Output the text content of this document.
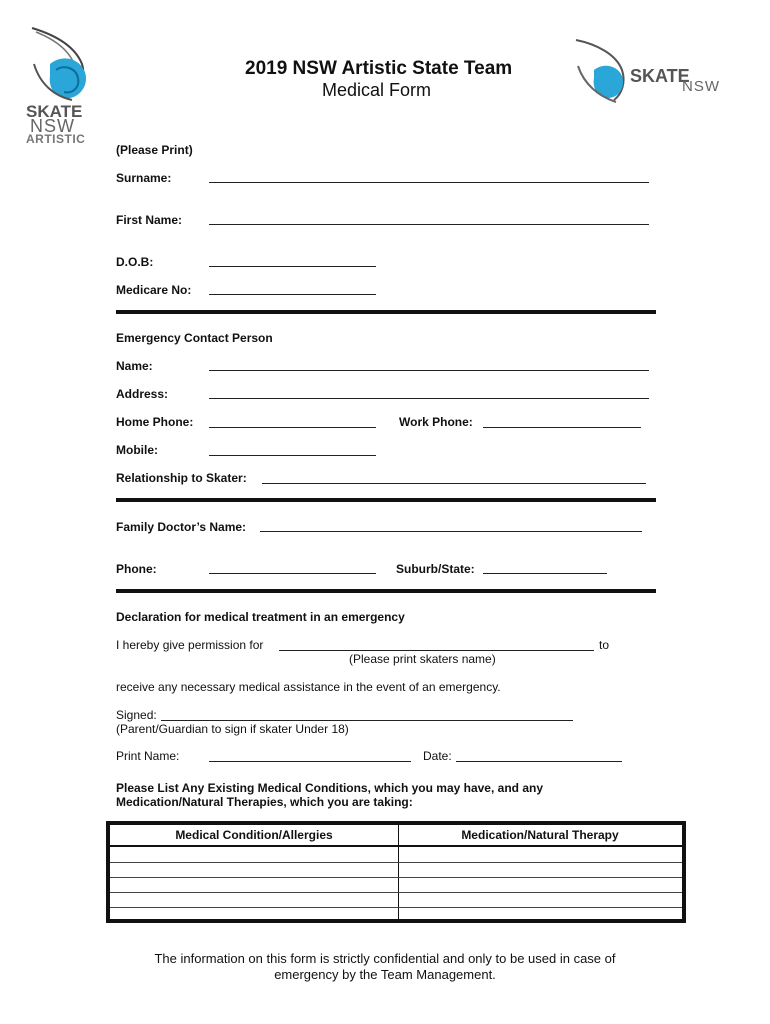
SKATE
NSW
ARTISTIC
2019 NSW Artistic State Team
Medical Form
SKATE
NSW
(Please Print)
Surname:
First Name:
D.O.B:
Medicare No:
Emergency Contact Person
Name:
Address:
Home Phone:	Work Phone:
Mobile:
Relationship to Skater:
Family Doctor’s Name:
Phone:	Suburb/State:
Declaration for medical treatment in an emergency
I hereby give permission for	to
(Please print skaters name)
receive any necessary medical assistance in the event of an emergency.
Signed:
(Parent/Guardian to sign if skater Under 18)
Print Name:	Date:
Please List Any Existing Medical Conditions, which you may have, and any
Medication/Natural Therapies, which you are taking:
Medical Condition/Allergies	Medication/Natural Therapy
The information on this form is strictly confidential and only to be used in case of
emergency by the Team Management.
